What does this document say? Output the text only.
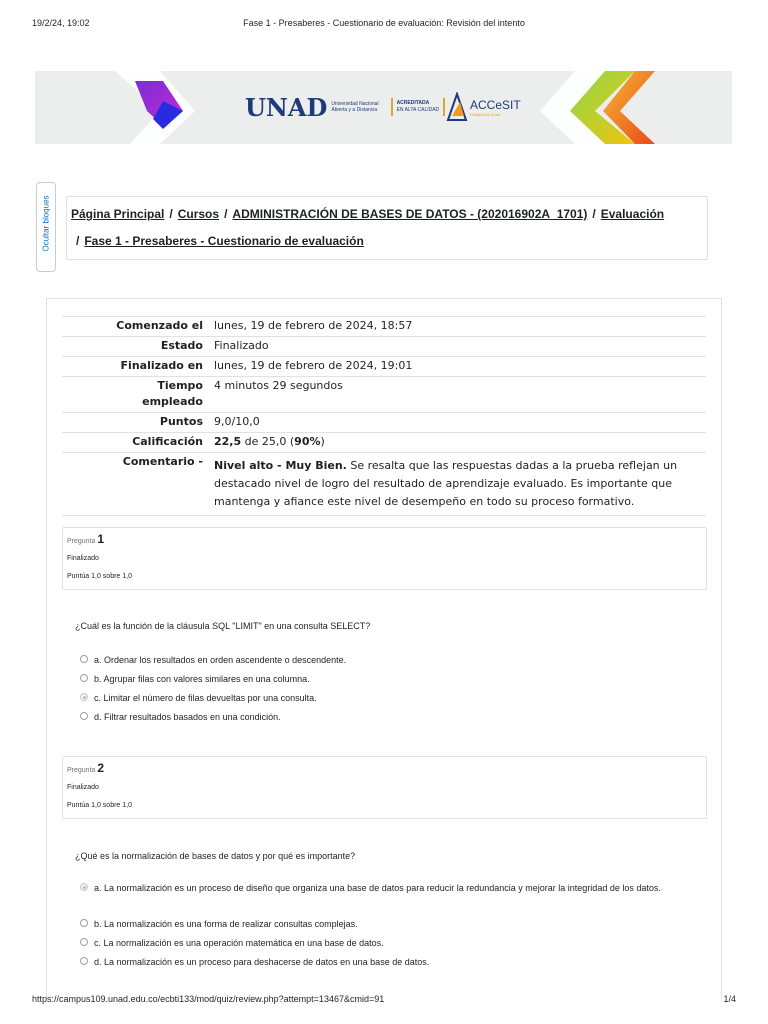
19/2/24, 19:02	Fase 1 - Presaberes - Cuestionario de evaluación: Revisión del intento
UNAD Universidad Nacional
Abierta y a Distancia
ACREDITADA
EN ALTA CALIDAD	ACCeSIT
Plataforma Unad
Ocultar bloques Página Principal / Cursos / ADMINISTRACIÓN DE BASES DE DATOS - (202016902A_1701) / Evaluación
/ Fase 1 - Presaberes - Cuestionario de evaluación
Comenzado el	lunes, 19 de febrero de 2024, 18:57
Estado	Finalizado
Finalizado en	lunes, 19 de febrero de 2024, 19:01
Tiempo empleado	4 minutos 29 segundos
Puntos	9,0/10,0
Calificación	22,5 de 25,0 (90%)
Comentario -	Nivel alto - Muy Bien. Se resalta que las respuestas dadas a la prueba reflejan un destacado nivel de logro del resultado de aprendizaje evaluado. Es importante que mantenga y afiance este nivel de desempeño en todo su proceso formativo.
Pregunta 1
Finalizado
Puntúa 1,0 sobre 1,0
¿Cuál es la función de la cláusula SQL "LIMIT" en una consulta SELECT?
a. Ordenar los resultados en orden ascendente o descendente.
b. Agrupar filas con valores similares en una columna.
c. Limitar el número de filas devueltas por una consulta.
d. Filtrar resultados basados en una condición.
Pregunta 2
Finalizado
Puntúa 1,0 sobre 1,0
¿Qué es la normalización de bases de datos y por qué es importante?
a. La normalización es un proceso de diseño que organiza una base de datos para reducir la redundancia y mejorar la integridad de los datos.
b. La normalización es una forma de realizar consultas complejas.
c. La normalización es una operación matemática en una base de datos.
d. La normalización es un proceso para deshacerse de datos en una base de datos.
https://campus109.unad.edu.co/ecbti133/mod/quiz/review.php?attempt=13467&cmid=91	1/4
